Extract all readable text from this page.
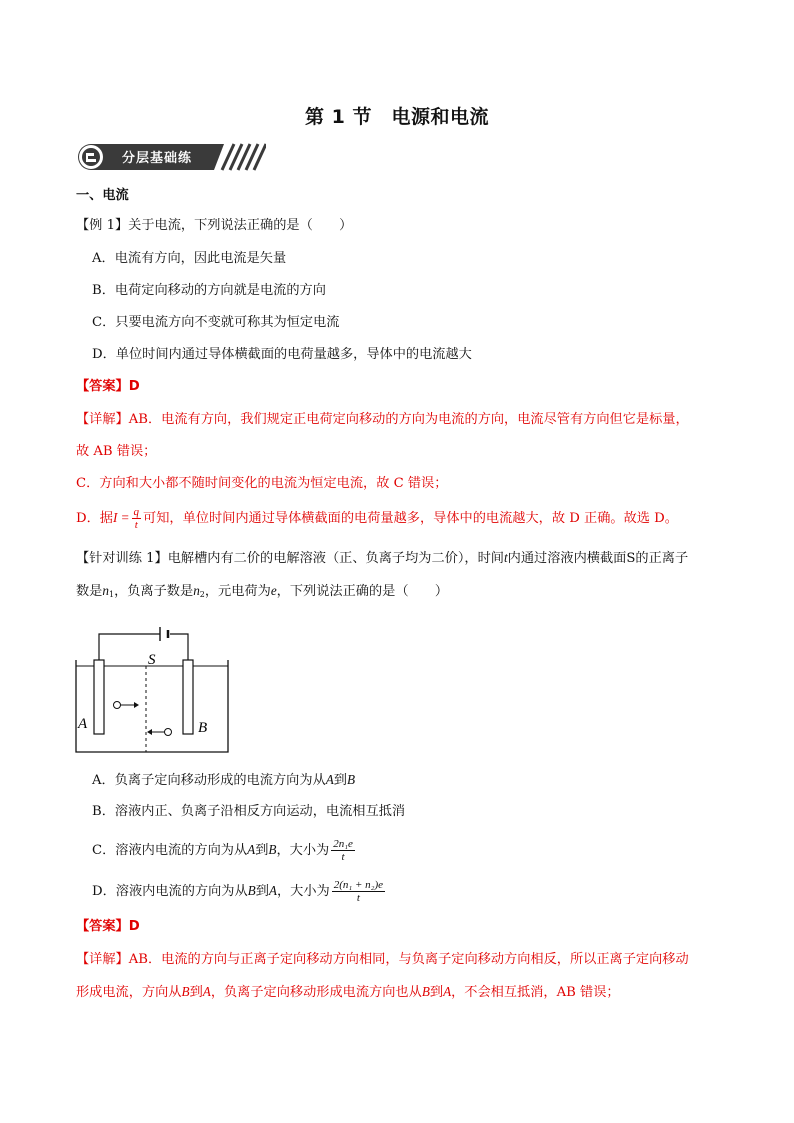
第 1 节　电源和电流
分层基础练
一、电流
【例 1】关于电流，下列说法正确的是（　　）
A．电流有方向，因此电流是矢量
B．电荷定向移动的方向就是电流的方向
C．只要电流方向不变就可称其为恒定电流
D．单位时间内通过导体横截面的电荷量越多，导体中的电流越大
【答案】D
【详解】AB．电流有方向，我们规定正电荷定向移动的方向为电流的方向，电流尽管有方向但它是标量，
故 AB 错误；
C．方向和大小都不随时间变化的电流为恒定电流，故 C 错误；
D．据$I = \frac{q}{t}$ 可知，单位时间内通过导体横截面的电荷量越多，导体中的电流越大，故 D 正确。故选 D。
【针对训练 1】电解槽内有二价的电解溶液（正、负离子均为二价），时间t内通过溶液内横截面S的正离子
数是$n_1$，负离子数是$n_2$，元电荷为e，下列说法正确的是（　　）
S
A	B
A．负离子定向移动形成的电流方向为从A到B
B．溶液内正、负离子沿相反方向运动，电流相互抵消
C．溶液内电流的方向为从A到B，大小为 $\frac{\text{2n₁e}}{t}$
D．溶液内电流的方向为从B到A，大小为 $\frac{\text{2(n₁ + n₂)e}}{t}$
【答案】D
【详解】AB．电流的方向与正离子定向移动方向相同，与负离子定向移动方向相反，所以正离子定向移动
形成电流，方向从B到A，负离子定向移动形成电流方向也从B到A，不会相互抵消，AB 错误；
